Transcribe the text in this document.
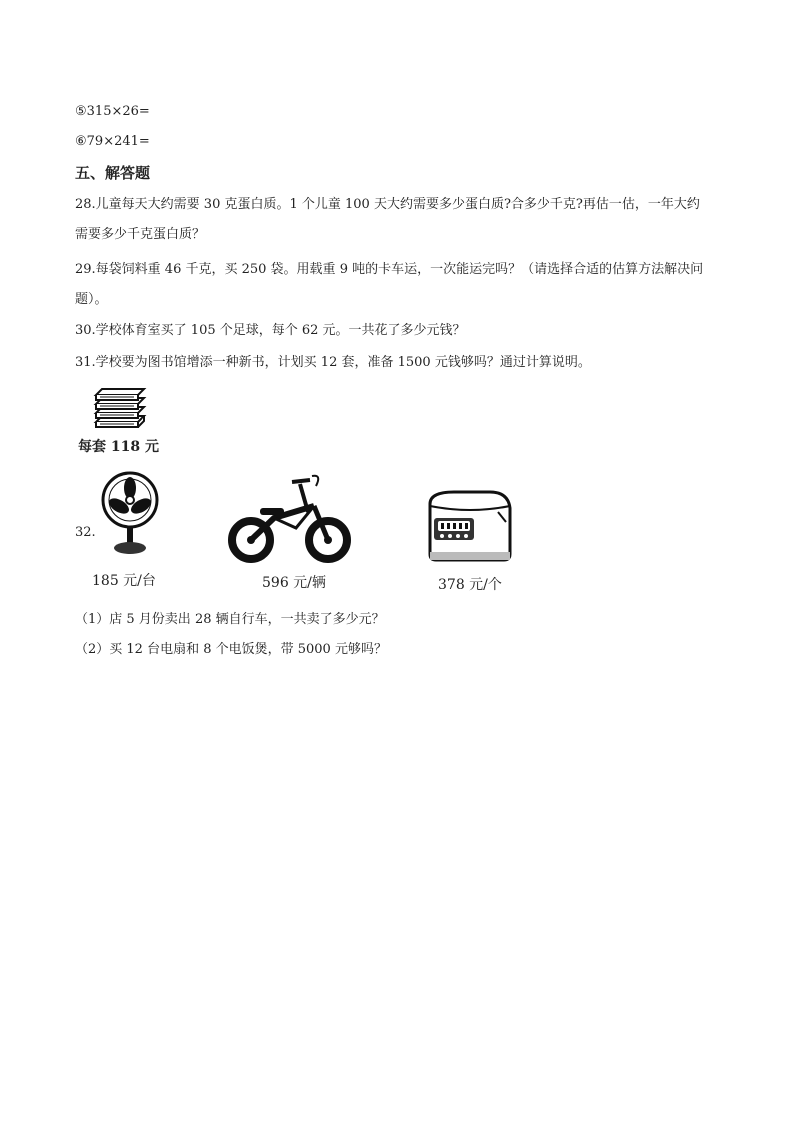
⑤315×26=
⑥79×241=
五、解答题
28.儿童每天大约需要 30 克蛋白质。1 个儿童 100 天大约需要多少蛋白质?合多少千克?再估一估，一年大约
需要多少千克蛋白质？
29.每袋饲料重 46 千克，买 250 袋。用载重 9 吨的卡车运，一次能运完吗？（请选择合适的估算方法解决问
题）。
30.学校体育室买了 105 个足球，每个 62 元。一共花了多少元钱？
31.学校要为图书馆增添一种新书，计划买 12 套，准备 1500 元钱够吗？通过计算说明。
每套 118 元
32.
185 元/台	596 元/辆	378 元/个
（1）店 5 月份卖出 28 辆自行车，一共卖了多少元？
（2）买 12 台电扇和 8 个电饭煲，带 5000 元够吗？
